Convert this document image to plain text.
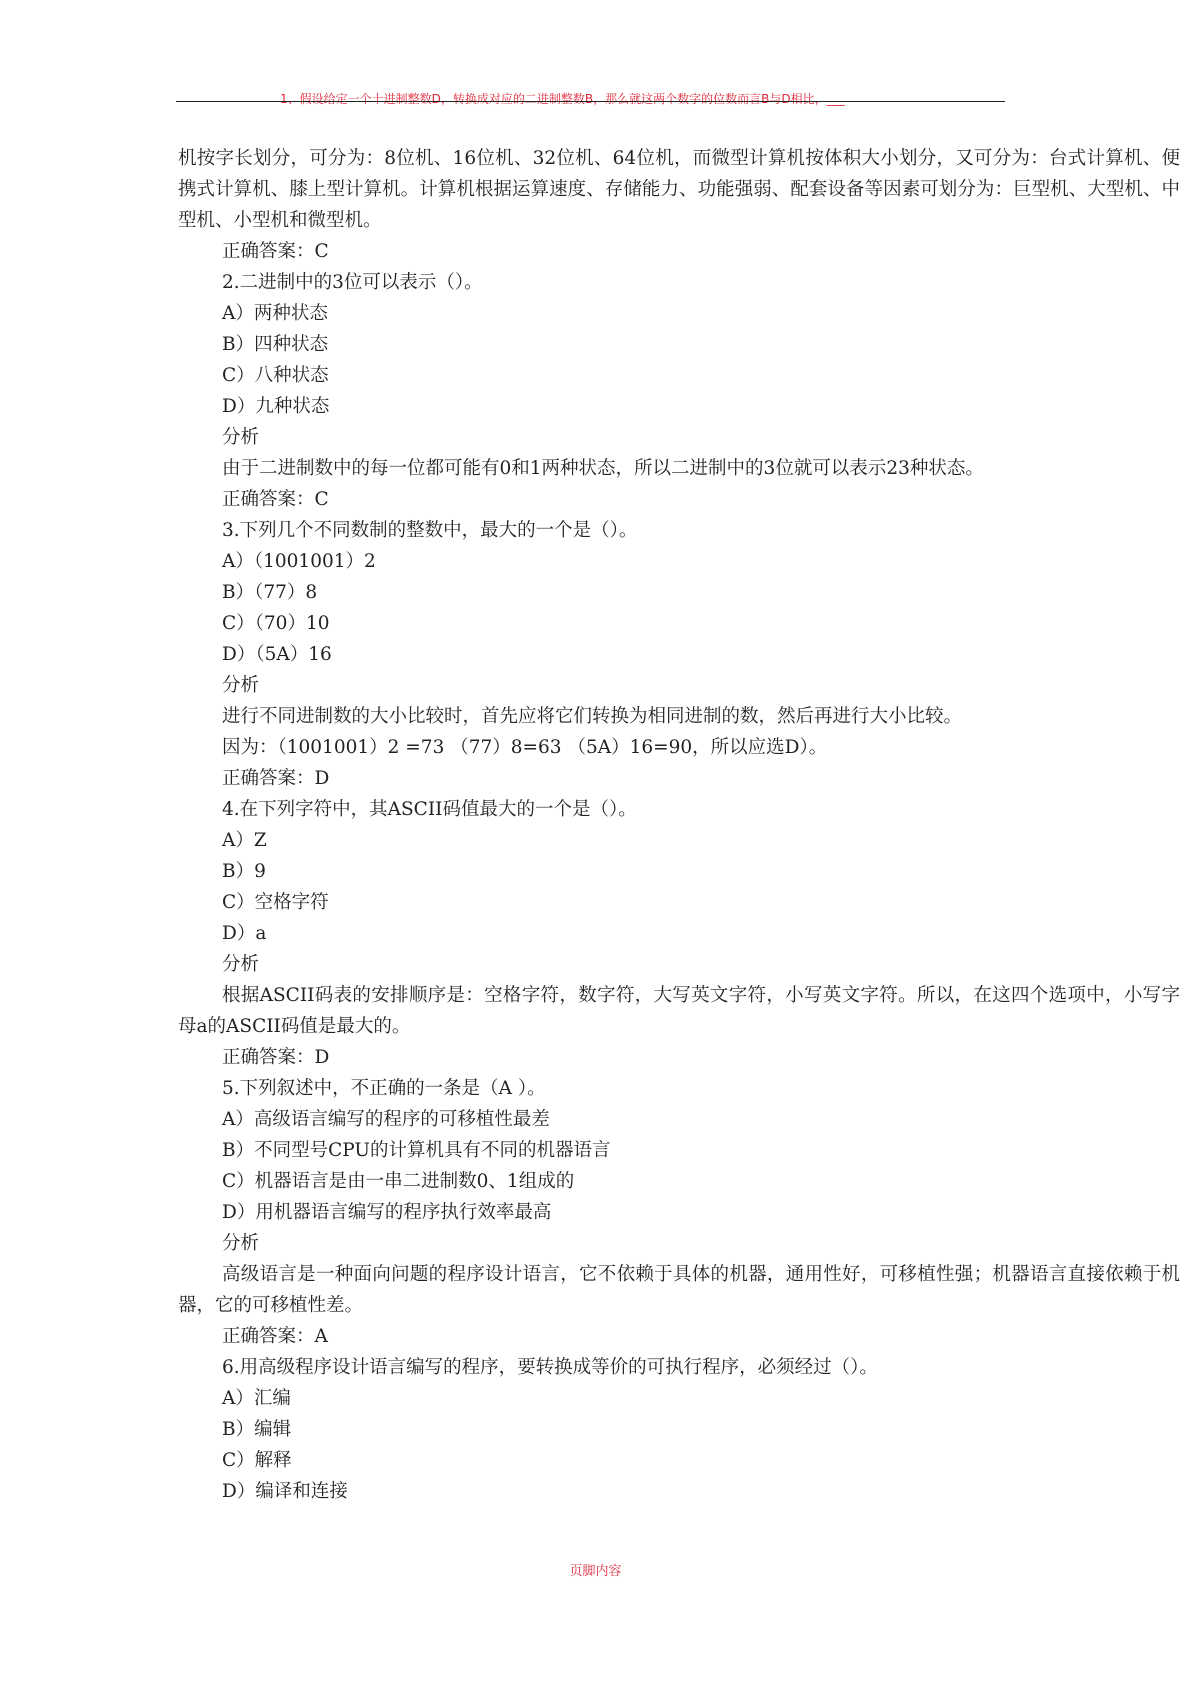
1、假设给定一个十进制整数D，转换成对应的二进制整数B，那么就这两个数字的位数而言B与D相比，___

机按字长划分，可分为：8位机、16位机、32位机、64位机，而微型计算机按体积大小划分，又可分为：台式计算机、便携式计算机、膝上型计算机。计算机根据运算速度、存储能力、功能强弱、配套设备等因素可划分为：巨型机、大型机、中型机、小型机和微型机。

正确答案：C

2.二进制中的3位可以表示（）。

A）两种状态

B）四种状态

C）八种状态

D）九种状态

分析

由于二进制数中的每一位都可能有0和1两种状态，所以二进制中的3位就可以表示23种状态。

正确答案：C

3.下列几个不同数制的整数中，最大的一个是（）。

A）（1001001）2

B）（77）8

C）（70）10

D）（5A）16

分析

进行不同进制数的大小比较时，首先应将它们转换为相同进制的数，然后再进行大小比较。

因为：（1001001）2 =73 （77）8=63 （5A）16=90，所以应选D）。

正确答案：D

4.在下列字符中，其ASCII码值最大的一个是（）。

A）Z

B）9

C）空格字符

D）a

分析

根据ASCII码表的安排顺序是：空格字符，数字符，大写英文字符，小写英文字符。所以，在这四个选项中，小写字母a的ASCII码值是最大的。

正确答案：D

5.下列叙述中，不正确的一条是（A ）。

A）高级语言编写的程序的可移植性最差

B）不同型号CPU的计算机具有不同的机器语言

C）机器语言是由一串二进制数0、1组成的

D）用机器语言编写的程序执行效率最高

分析

高级语言是一种面向问题的程序设计语言，它不依赖于具体的机器，通用性好，可移植性强；机器语言直接依赖于机器，它的可移植性差。

正确答案：A

6.用高级程序设计语言编写的程序，要转换成等价的可执行程序，必须经过（）。

A）汇编

B）编辑

C）解释

D）编译和连接

页脚内容
